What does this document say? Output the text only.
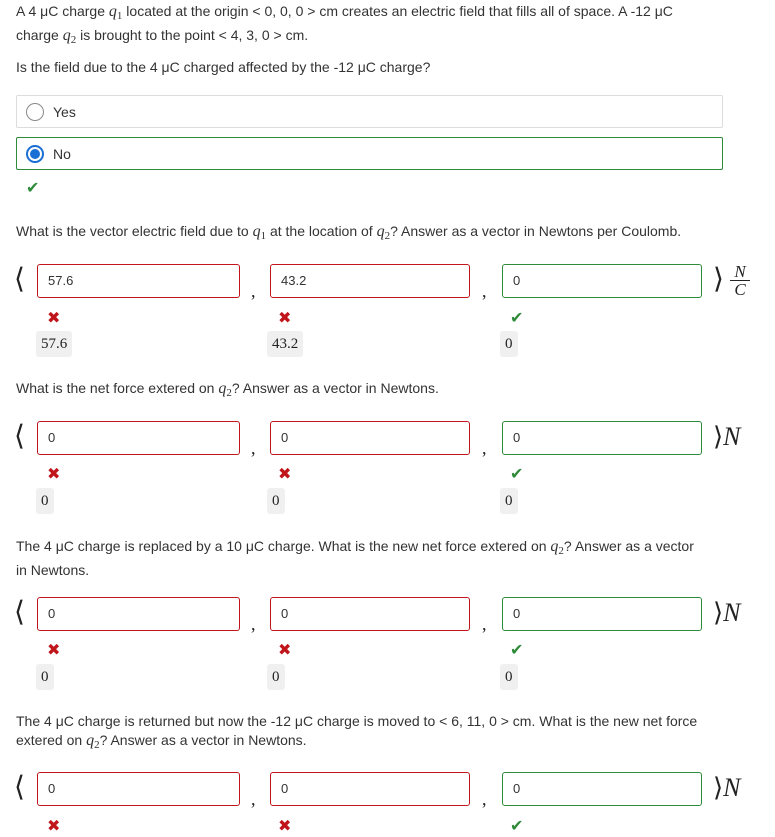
A 4 μC charge $q_1$ located at the origin < 0, 0, 0 > cm creates an electric field that fills all of space. A -12 μC
charge $q_2$ is brought to the point < 4, 3, 0 > cm.
Is the field due to the 4 μC charged affected by the -12 μC charge?
Yes
No
✔
What is the vector electric field due to $q_1$ at the location of $q_2$? Answer as a vector in Newtons per Coulomb.
⟨	57.6
,
43.2
,
0	⟩ $\frac{N}{C}$
✖	✖	✔
57.6	43.2	0
What is the net force extered on $q_2$? Answer as a vector in Newtons.
⟨	0
,
0
,
0	⟩N
✖	✖	✔
0	0	0
The 4 μC charge is replaced by a 10 μC charge. What is the new net force extered on $q_2$? Answer as a vector
in Newtons.
⟨	0
,
0
,
0	⟩N
✖	✖	✔
0	0	0
The 4 μC charge is returned but now the -12 μC charge is moved to < 6, 11, 0 > cm. What is the new net force
extered on $q_2$? Answer as a vector in Newtons.
⟨	0
,
0
,
0	⟩N
✖	✖	✔
